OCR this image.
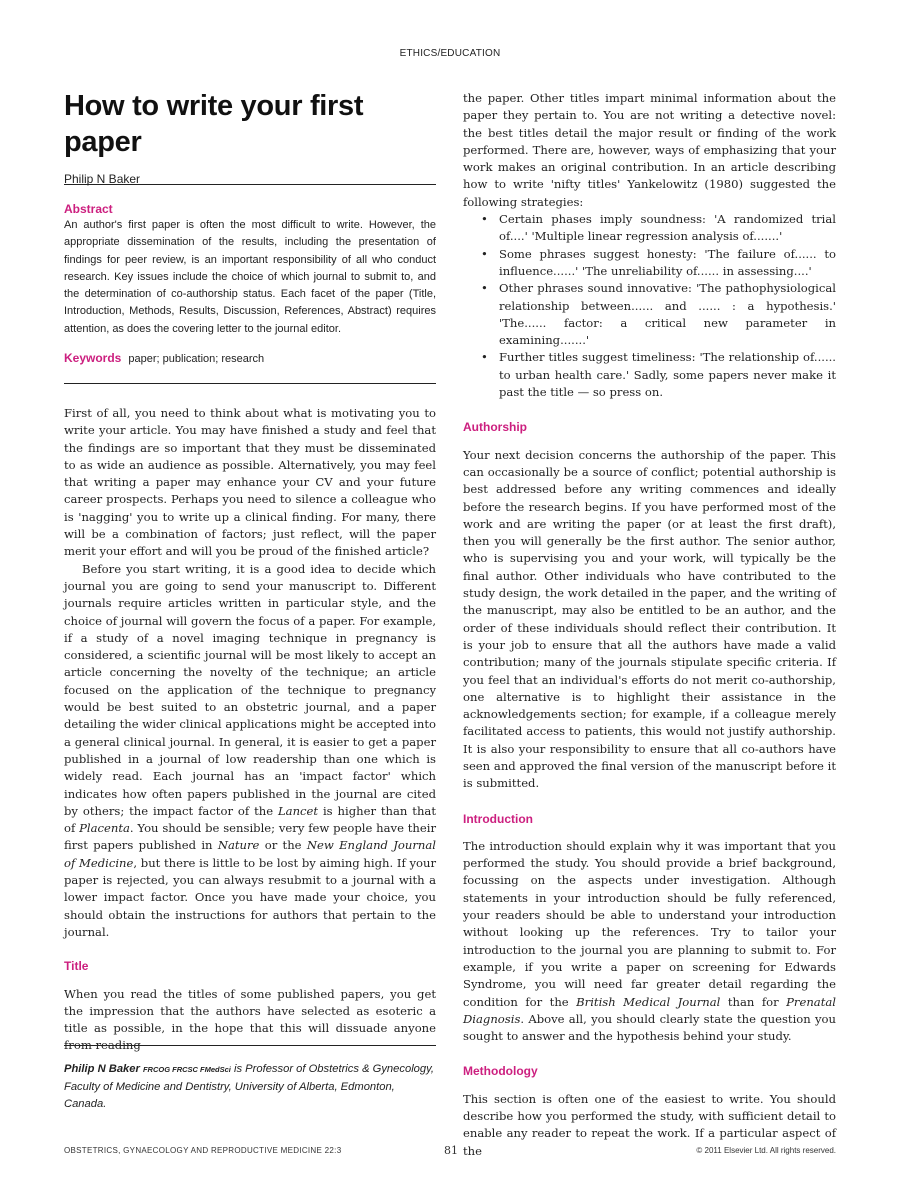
ETHICS/EDUCATION
How to write your first paper
Philip N Baker
Abstract
An author's first paper is often the most difficult to write. However, the appropriate dissemination of the results, including the presentation of findings for peer review, is an important responsibility of all who conduct research. Key issues include the choice of which journal to submit to, and the determination of co-authorship status. Each facet of the paper (Title, Introduction, Methods, Results, Discussion, References, Abstract) requires attention, as does the covering letter to the journal editor.
Keywords paper; publication; research

First of all, you need to think about what is motivating you to write your article. You may have finished a study and feel that the findings are so important that they must be disseminated to as wide an audience as possible. Alternatively, you may feel that writing a paper may enhance your CV and your future career prospects. Perhaps you need to silence a colleague who is 'nagging' you to write up a clinical finding. For many, there will be a combination of factors; just reflect, will the paper merit your effort and will you be proud of the finished article?

Before you start writing, it is a good idea to decide which journal you are going to send your manuscript to. Different journals require articles written in particular style, and the choice of journal will govern the focus of a paper. For example, if a study of a novel imaging technique in pregnancy is considered, a scientific journal will be most likely to accept an article concerning the novelty of the technique; an article focused on the application of the technique to pregnancy would be best suited to an obstetric journal, and a paper detailing the wider clinical applications might be accepted into a general clinical journal. In general, it is easier to get a paper published in a journal of low readership than one which is widely read. Each journal has an 'impact factor' which indicates how often papers published in the journal are cited by others; the impact factor of the Lancet is higher than that of Placenta. You should be sensible; very few people have their first papers published in Nature or the New England Journal of Medicine, but there is little to be lost by aiming high. If your paper is rejected, you can always resubmit to a journal with a lower impact factor. Once you have made your choice, you should obtain the instructions for authors that pertain to the journal.

Title

When you read the titles of some published papers, you get the impression that the authors have selected as esoteric a title as possible, in the hope that this will dissuade anyone from reading

Philip N Baker FRCOG FRCSC FMedSci is Professor of Obstetrics & Gynecology, Faculty of Medicine and Dentistry, University of Alberta, Edmonton, Canada.

the paper. Other titles impart minimal information about the paper they pertain to. You are not writing a detective novel: the best titles detail the major result or finding of the work performed. There are, however, ways of emphasizing that your work makes an original contribution. In an article describing how to write 'nifty titles' Yankelowitz (1980) suggested the following strategies:

• Certain phases imply soundness: 'A randomized trial of....' 'Multiple linear regression analysis of.......'
• Some phrases suggest honesty: 'The failure of...... to influence......' 'The unreliability of...... in assessing....'
• Other phrases sound innovative: 'The pathophysiological relationship between...... and ...... : a hypothesis.' 'The...... factor: a critical new parameter in examining.......'
• Further titles suggest timeliness: 'The relationship of...... to urban health care.' Sadly, some papers never make it past the title — so press on.
Authorship

Your next decision concerns the authorship of the paper. This can occasionally be a source of conflict; potential authorship is best addressed before any writing commences and ideally before the research begins. If you have performed most of the work and are writing the paper (or at least the first draft), then you will generally be the first author. The senior author, who is supervising you and your work, will typically be the final author. Other individuals who have contributed to the study design, the work detailed in the paper, and the writing of the manuscript, may also be entitled to be an author, and the order of these individuals should reflect their contribution. It is your job to ensure that all the authors have made a valid contribution; many of the journals stipulate specific criteria. If you feel that an individual's efforts do not merit co-authorship, one alternative is to highlight their assistance in the acknowledgements section; for example, if a colleague merely facilitated access to patients, this would not justify authorship. It is also your responsibility to ensure that all co-authors have seen and approved the final version of the manuscript before it is submitted.

Introduction

The introduction should explain why it was important that you performed the study. You should provide a brief background, focussing on the aspects under investigation. Although statements in your introduction should be fully referenced, your readers should be able to understand your introduction without looking up the references. Try to tailor your introduction to the journal you are planning to submit to. For example, if you write a paper on screening for Edwards Syndrome, you will need far greater detail regarding the condition for the British Medical Journal than for Prenatal Diagnosis. Above all, you should clearly state the question you sought to answer and the hypothesis behind your study.

Methodology

This section is often one of the easiest to write. You should describe how you performed the study, with sufficient detail to enable any reader to repeat the work. If a particular aspect of the

OBSTETRICS, GYNAECOLOGY AND REPRODUCTIVE MEDICINE 22:3	81	© 2011 Elsevier Ltd. All rights reserved.
